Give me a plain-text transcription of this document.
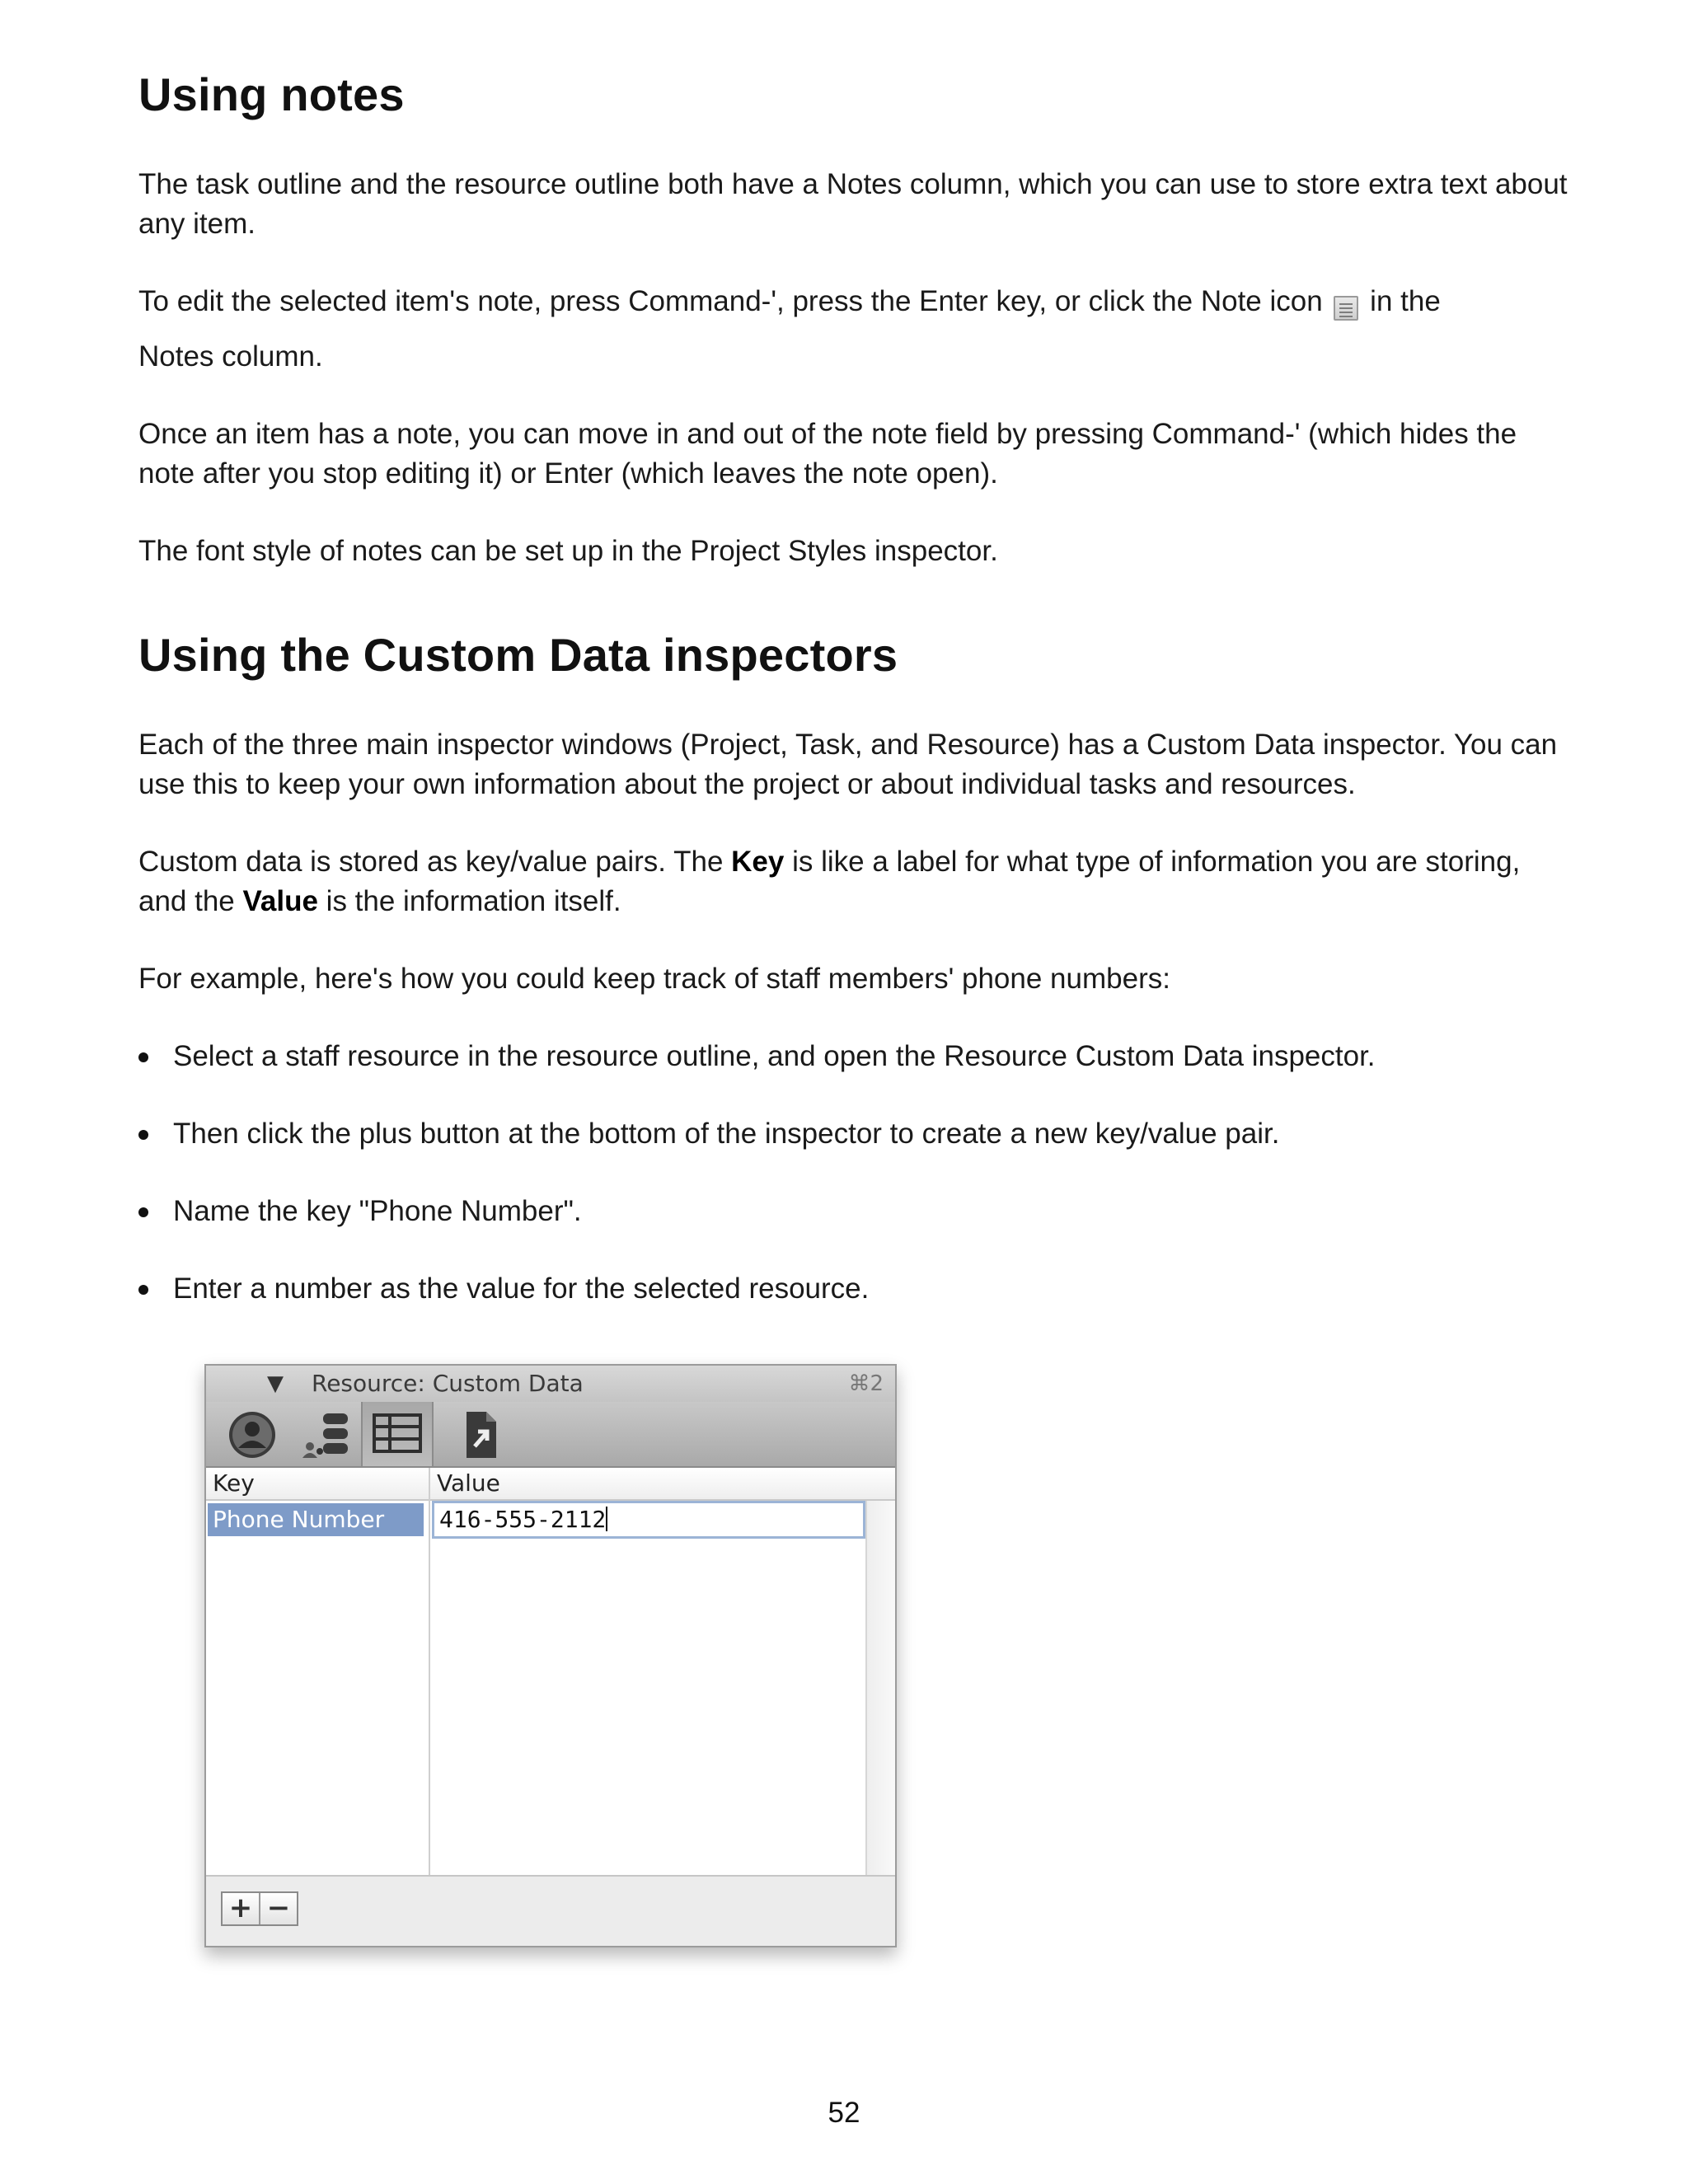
Using notes

The task outline and the resource outline both have a Notes column, which you can use to store extra text about any item.

To edit the selected item's note, press Command-', press the Enter key, or click the Note icon in the

Notes column.

Once an item has a note, you can move in and out of the note field by pressing Command-' (which hides the note after you stop editing it) or Enter (which leaves the note open).

The font style of notes can be set up in the Project Styles inspector.

Using the Custom Data inspectors

Each of the three main inspector windows (Project, Task, and Resource) has a Custom Data inspector. You can use this to keep your own information about the project or about individual tasks and resources.

Custom data is stored as key/value pairs. The Key is like a label for what type of information you are storing, and the Value is the information itself.

For example, here's how you could keep track of staff members' phone numbers:

Select a staff resource in the resource outline, and open the Resource Custom Data inspector.
Then click the plus button at the bottom of the inspector to create a new key/value pair.
Name the key "Phone Number".
Enter a number as the value for the selected resource.
▼ Resource: Custom Data	⌘2
Key	Value
Phone Number	416-555-2112
+ −
52
